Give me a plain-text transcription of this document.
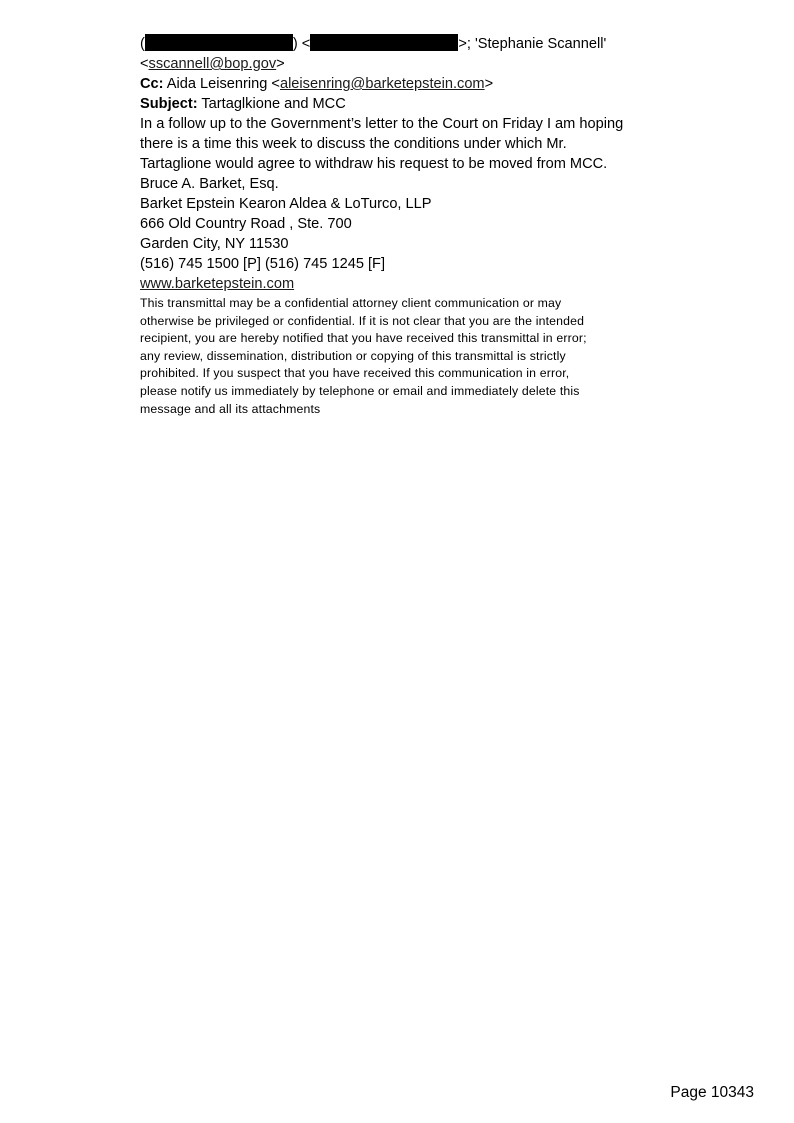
(	) <	>; 'Stephanie Scannell'
<sscannell@bop.gov>
Cc: Aida Leisenring <aleisenring@barketepstein.com>
Subject: Tartaglkione and MCC
In a follow up to the Government’s letter to the Court on Friday I am hoping
there is a time this week to discuss the conditions under which Mr.
Tartaglione would agree to withdraw his request to be moved from MCC.
Bruce A. Barket, Esq.
Barket Epstein Kearon Aldea & LoTurco, LLP
666 Old Country Road , Ste. 700
Garden City, NY 11530
(516) 745 1500 [P] (516) 745 1245 [F]
www.barketepstein.com
This transmittal may be a confidential attorney client communication or may
otherwise be privileged or confidential. If it is not clear that you are the intended
recipient, you are hereby notified that you have received this transmittal in error;
any review, dissemination, distribution or copying of this transmittal is strictly
prohibited. If you suspect that you have received this communication in error,
please notify us immediately by telephone or email and immediately delete this
message and all its attachments
Page 10343
